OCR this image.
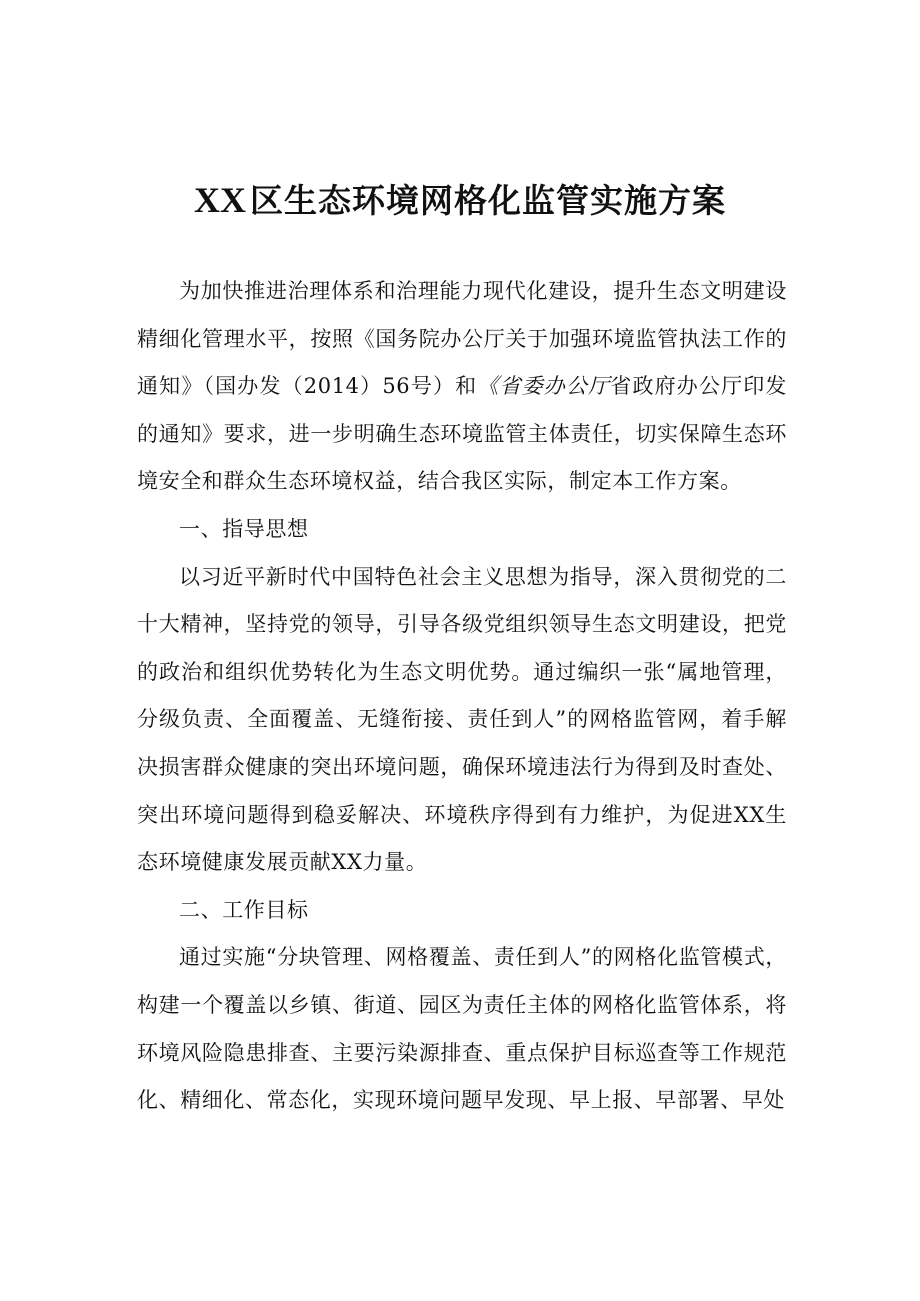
XX 区生态环境网格化监管实施方案

为加快推进治理体系和治理能力现代化建设，提升生态文明建设精细化管理水平，按照《国务院办公厅关于加强环境监管执法工作的通知》（国办发（2014）56号）和《省委办公厅省政府办公厅印发的通知》要求，进一步明确生态环境监管主体责任，切实保障生态环境安全和群众生态环境权益，结合我区实际，制定本工作方案。

一、指导思想

以习近平新时代中国特色社会主义思想为指导，深入贯彻党的二十大精神，坚持党的领导，引导各级党组织领导生态文明建设，把党的政治和组织优势转化为生态文明优势。通过编织一张“属地管理，分级负责、全面覆盖、无缝衔接、责任到人”的网格监管网，着手解决损害群众健康的突出环境问题，确保环境违法行为得到及时查处、突出环境问题得到稳妥解决、环境秩序得到有力维护，为促进XX生态环境健康发展贡献XX力量。

二、工作目标

通过实施“分块管理、网格覆盖、责任到人”的网格化监管模式，构建一个覆盖以乡镇、街道、园区为责任主体的网格化监管体系，将环境风险隐患排查、主要污染源排查、重点保护目标巡查等工作规范化、精细化、常态化，实现环境问题早发现、早上报、早部署、早处
